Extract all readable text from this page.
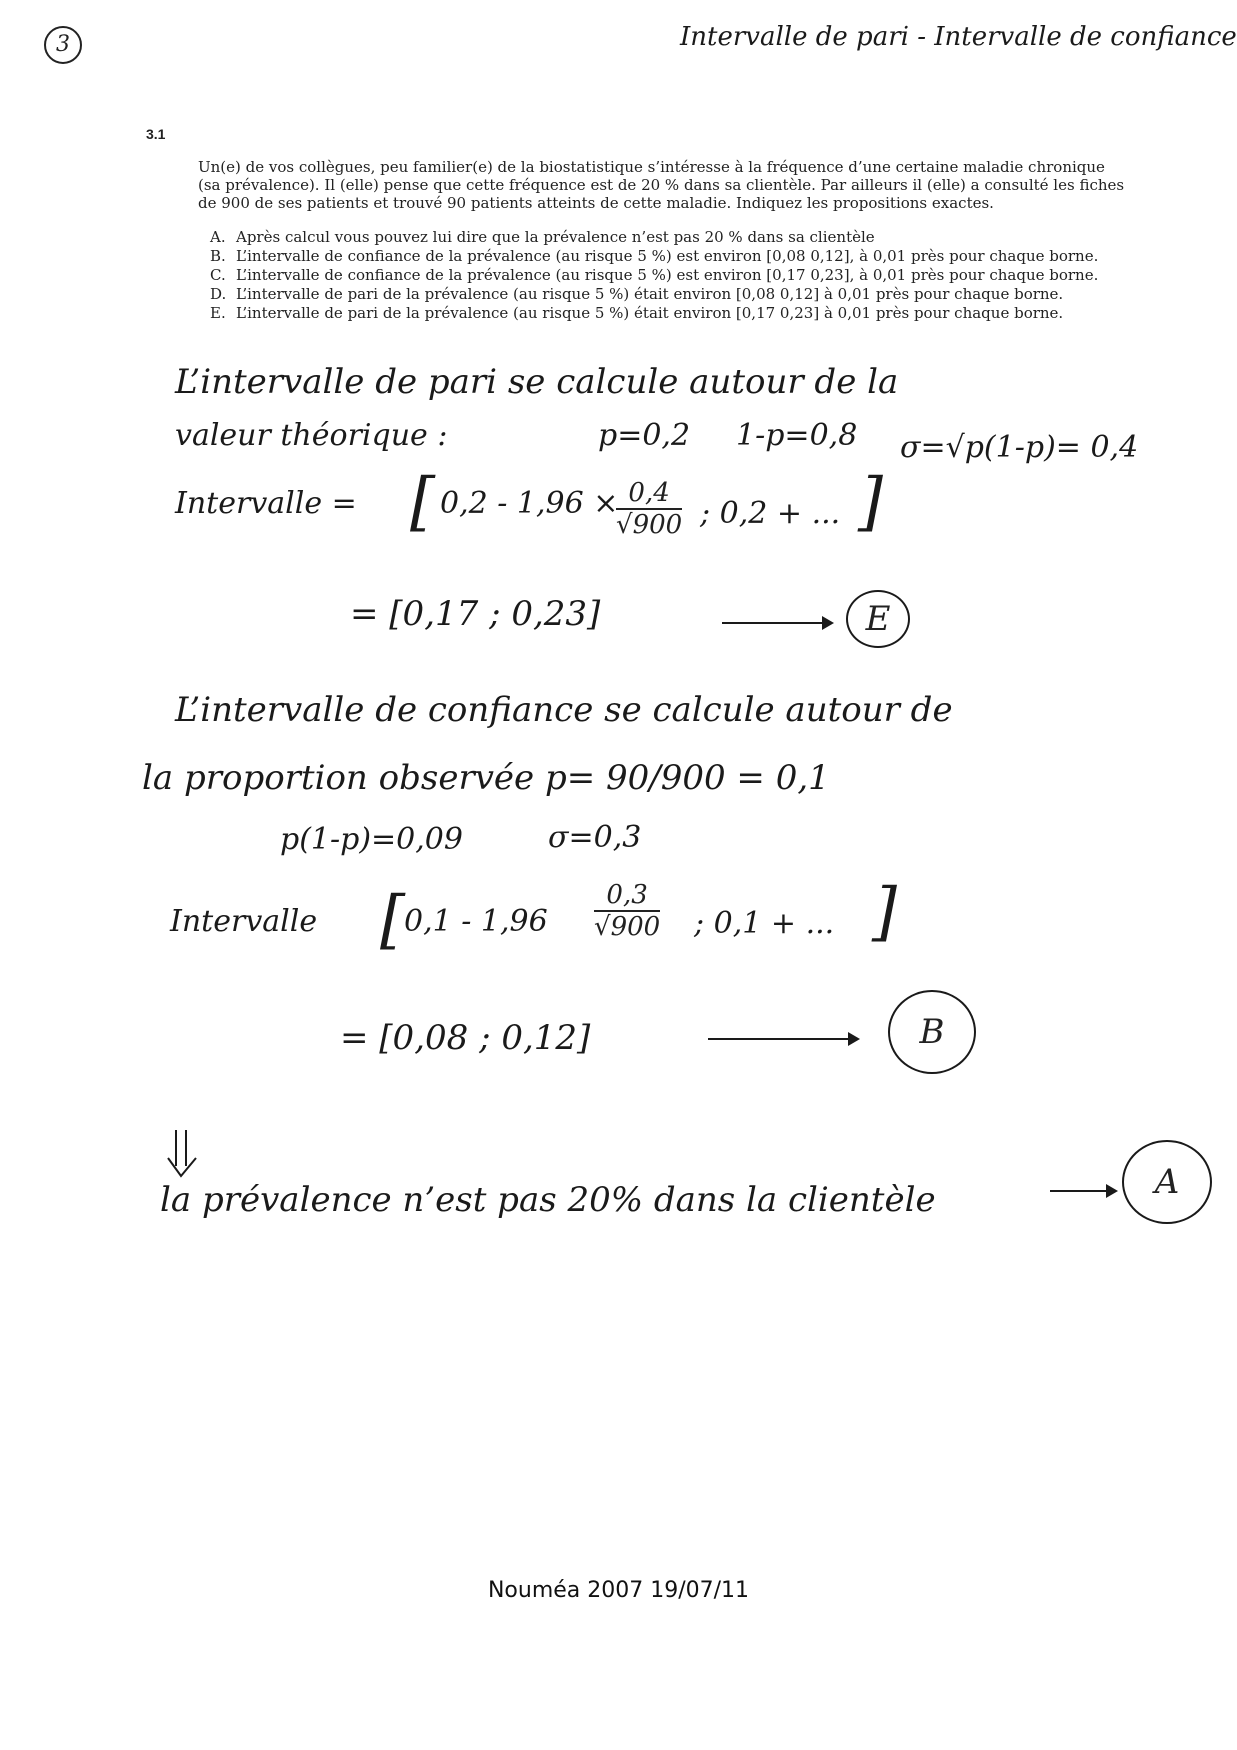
3	Intervalle de pari - Intervalle de confiance
3.1
Un(e) de vos collègues, peu familier(e) de la biostatistique s’intéresse à la fréquence d’une certaine maladie chronique (sa prévalence). Il (elle) pense que cette fréquence est de 20 % dans sa clientèle. Par ailleurs il (elle) a consulté les fiches de 900 de ses patients et trouvé 90 patients atteints de cette maladie. Indiquez les propositions exactes.
A. Après calcul vous pouvez lui dire que la prévalence n’est pas 20 % dans sa clientèle
B. L’intervalle de confiance de la prévalence (au risque 5 %) est environ [0,08 0,12], à 0,01 près pour chaque borne.
C. L’intervalle de confiance de la prévalence (au risque 5 %) est environ [0,17 0,23], à 0,01 près pour chaque borne.
D. L’intervalle de pari de la prévalence (au risque 5 %) était environ [0,08 0,12] à 0,01 près pour chaque borne.
E. L’intervalle de pari de la prévalence (au risque 5 %) était environ [0,17 0,23] à 0,01 près pour chaque borne.
L’intervalle de pari se calcule autour de la
valeur théorique :	p=0,2 1-p=0,8 σ=√p(1-p)= 0,4
Intervalle = [ 0,2 - 1,96 ×
$\frac{0,4}{√900}$ ; 0,2 + ... ]
= [0,17 ; 0,23]	E
L’intervalle de confiance se calcule autour de
la proportion observée p= 90/900 = 0,1
p(1-p)=0,09	σ=0,3
Intervalle [ $0,1 - 1,96 \frac{0,3}{√900}$ ; 0,1 + ... ]
= [0,08 ; 0,12]	B
la prévalence n’est pas 20% dans la clientèle	A
Nouméa 2007 19/07/11
